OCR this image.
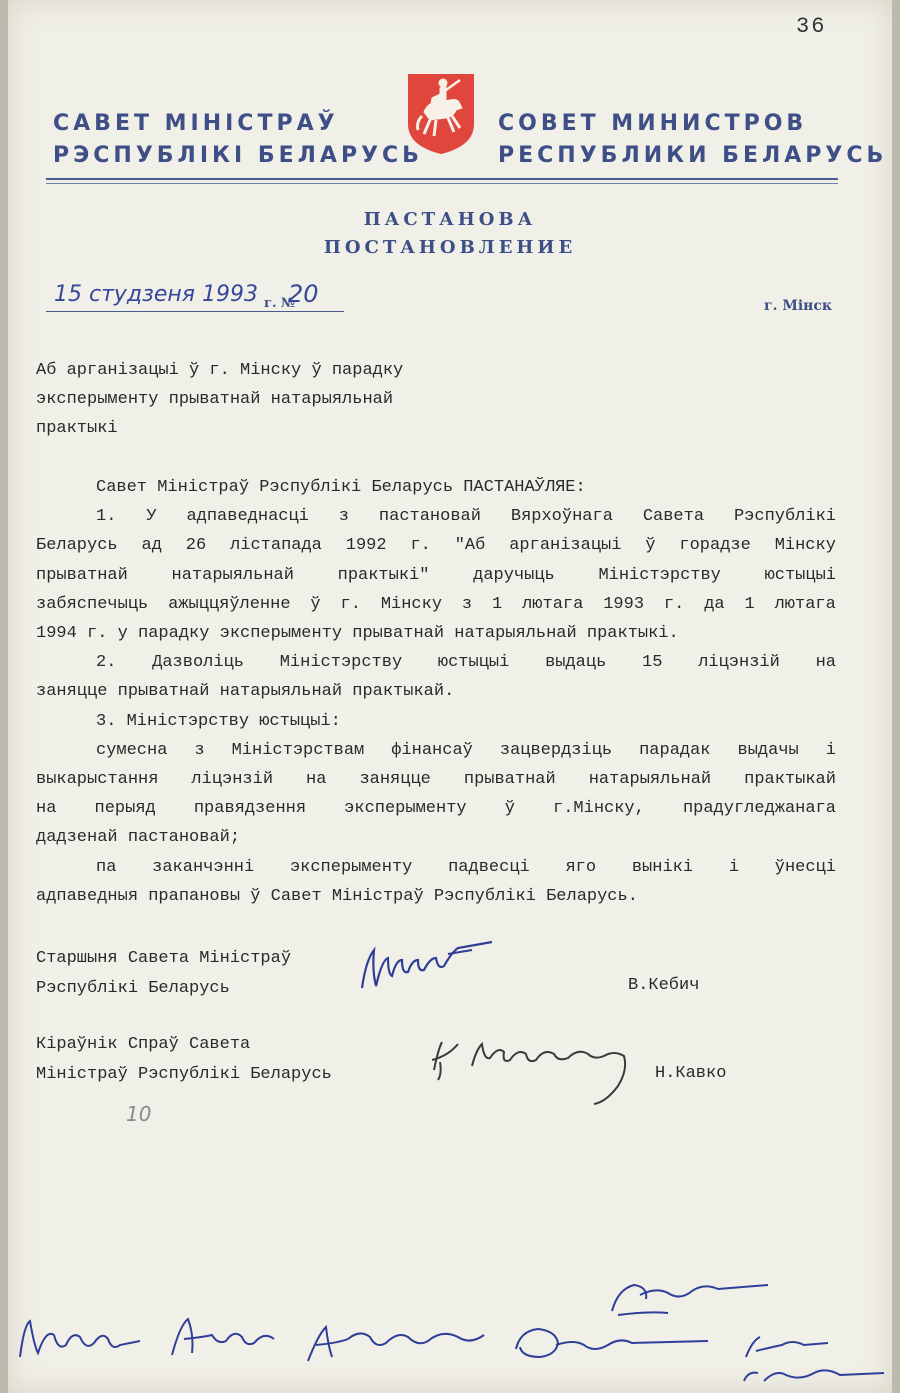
36
САВЕТ МІНІСТРАЎ
РЭСПУБЛІКІ БЕЛАРУСЬ
СОВЕТ МИНИСТРОВ
РЕСПУБЛИКИ БЕЛАРУСЬ
ПАСТАНОВА
ПОСТАНОВЛЕНИЕ
15 студзеня 1993 г. №
20	г. Мінск
Аб арганізацыі ў г. Мінску ў парадку
эксперыменту прыватнай натарыяльнай
практыкі
Савет Міністраў Рэспублікі Беларусь ПАСТАНАЎЛЯЕ:
1. У адпаведнасці з пастановай Вярхоўнага Савета Рэспублікі
Беларусь ад 26 лістапада 1992 г. "Аб арганізацыі ў горадзе Мінску
прыватнай	натарыяльнай	практыкі"	даручыць	Міністэрству	юстыцыі
забяспечыць ажыццяўленне ў г. Мінску з 1 лютага 1993 г. да 1 лютага
1994 г. у парадку эксперыменту прыватнай натарыяльнай практыкі.
2. Дазволіць Міністэрству юстыцыі выдаць 15 ліцэнзій на
заняцце прыватнай натарыяльнай практыкай.
3. Міністэрству юстыцыі:
сумесна з Міністэрствам фінансаў зацвердзіць парадак выдачы і
выкарыстання ліцэнзій на заняцце прыватнай натарыяльнай практыкай
на перыяд правядзення эксперыменту ў г.Мінску, прадугледжанага
дадзенай пастановай;
па заканчэнні эксперыменту падвесці яго вынікі і ўнесці
адпаведныя прапановы ў Савет Міністраў Рэспублікі Беларусь.
Старшыня Савета Міністраў
Рэспублікі Беларусь	В.Кебич
Кіраўнік Спраў Савета
Міністраў Рэспублікі Беларусь	Н.Кавко
10
